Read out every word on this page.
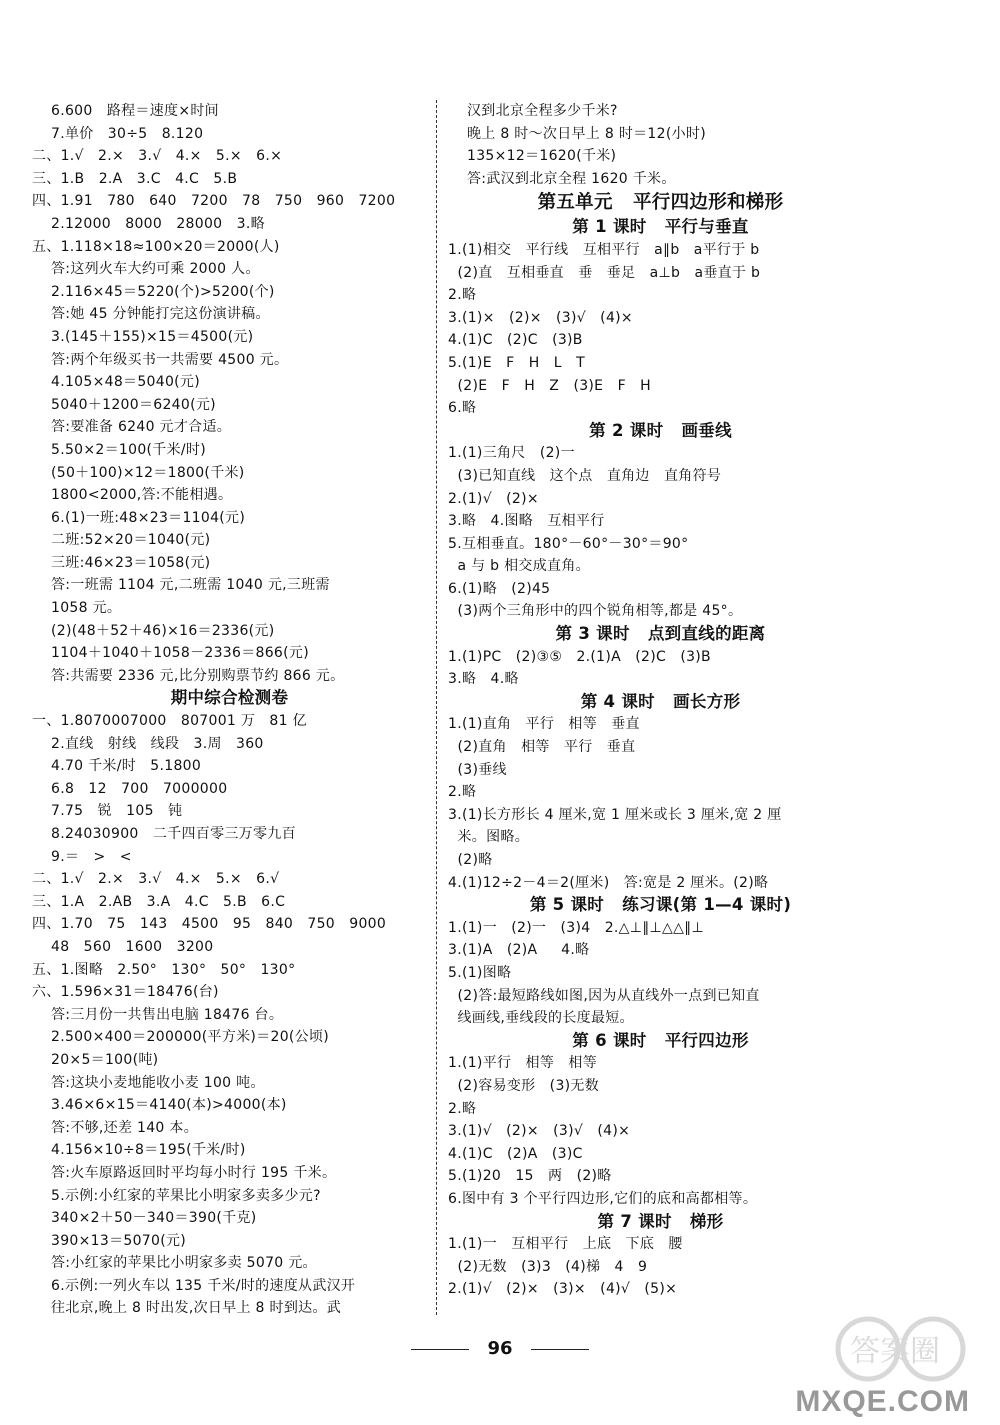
6.600   路程＝速度×时间
7.单价   30÷5   8.120
二、1.√   2.×   3.√   4.×   5.×   6.×
三、1.B   2.A   3.C   4.C   5.B
四、1.91   780   640   7200   78   750   960   7200
2.12000   8000   28000   3.略
五、1.118×18≈100×20＝2000(人)
答:这列火车大约可乘 2000 人。
2.116×45＝5220(个)>5200(个)
答:她 45 分钟能打完这份演讲稿。
3.(145＋155)×15＝4500(元)
答:两个年级买书一共需要 4500 元。
4.105×48＝5040(元)
5040＋1200＝6240(元)
答:要准备 6240 元才合适。
5.50×2＝100(千米/时)
(50＋100)×12＝1800(千米)
1800<2000,答:不能相遇。
6.(1)一班:48×23＝1104(元)
二班:52×20＝1040(元)
三班:46×23＝1058(元)
答:一班需 1104 元,二班需 1040 元,三班需
1058 元。
(2)(48＋52＋46)×16＝2336(元)
1104＋1040＋1058－2336＝866(元)
答:共需要 2336 元,比分别购票节约 866 元。
期中综合检测卷
一、1.8070007000   807001 万   81 亿
2.直线   射线   线段   3.周   360
4.70 千米/时   5.1800
6.8   12   700   7000000
7.75   锐   105   钝
8.24030900   二千四百零三万零九百
9.＝   >   <
二、1.√   2.×   3.√   4.×   5.×   6.√
三、1.A   2.AB   3.A   4.C   5.B   6.C
四、1.70   75   143   4500   95   840   750   9000
48   560   1600   3200
五、1.图略   2.50°   130°   50°   130°
六、1.596×31＝18476(台)
答:三月份一共售出电脑 18476 台。
2.500×400＝200000(平方米)＝20(公顷)
20×5＝100(吨)
答:这块小麦地能收小麦 100 吨。
3.46×6×15＝4140(本)>4000(本)
答:不够,还差 140 本。
4.156×10÷8＝195(千米/时)
答:火车原路返回时平均每小时行 195 千米。
5.示例:小红家的苹果比小明家多卖多少元?
340×2＋50－340＝390(千克)
390×13＝5070(元)
答:小红家的苹果比小明家多卖 5070 元。
6.示例:一列火车以 135 千米/时的速度从武汉开
往北京,晚上 8 时出发,次日早上 8 时到达。武
汉到北京全程多少千米?
晚上 8 时～次日早上 8 时＝12(小时)
135×12＝1620(千米)
答:武汉到北京全程 1620 千米。
第五单元   平行四边形和梯形
第 1 课时   平行与垂直
1.(1)相交   平行线   互相平行   a∥b   a平行于 b
(2)直   互相垂直   垂   垂足   a⊥b   a垂直于 b
2.略
3.(1)×   (2)×   (3)√   (4)×
4.(1)C   (2)C   (3)B
5.(1)E   F   H   L   T
(2)E   F   H   Z   (3)E   F   H
6.略
第 2 课时   画垂线
1.(1)三角尺   (2)一
(3)已知直线   这个点   直角边   直角符号
2.(1)√   (2)×
3.略   4.图略   互相平行
5.互相垂直。180°－60°－30°＝90°
a 与 b 相交成直角。
6.(1)略   (2)45
(3)两个三角形中的四个锐角相等,都是 45°。
第 3 课时   点到直线的距离
1.(1)PC   (2)③⑤   2.(1)A   (2)C   (3)B
3.略   4.略
第 4 课时   画长方形
1.(1)直角   平行   相等   垂直
(2)直角   相等   平行   垂直
(3)垂线
2.略
3.(1)长方形长 4 厘米,宽 1 厘米或长 3 厘米,宽 2 厘
米。图略。
(2)略
4.(1)12÷2－4＝2(厘米)   答:宽是 2 厘米。(2)略
第 5 课时   练习课(第 1—4 课时)
1.(1)一   (2)一   (3)4   2.△⊥∥⊥△△∥⊥
3.(1)A   (2)A     4.略
5.(1)图略
(2)答:最短路线如图,因为从直线外一点到已知直
线画线,垂线段的长度最短。
第 6 课时   平行四边形
1.(1)平行   相等   相等
(2)容易变形   (3)无数
2.略
3.(1)√   (2)×   (3)√   (4)×
4.(1)C   (2)A   (3)C
5.(1)20   15   两   (2)略
6.图中有 3 个平行四边形,它们的底和高都相等。
第 7 课时   梯形
1.(1)一   互相平行   上底   下底   腰
(2)无数   (3)3   (4)梯   4   9
2.(1)√   (2)×   (3)×   (4)√   (5)×
96	答案圈
MXQE.COM
